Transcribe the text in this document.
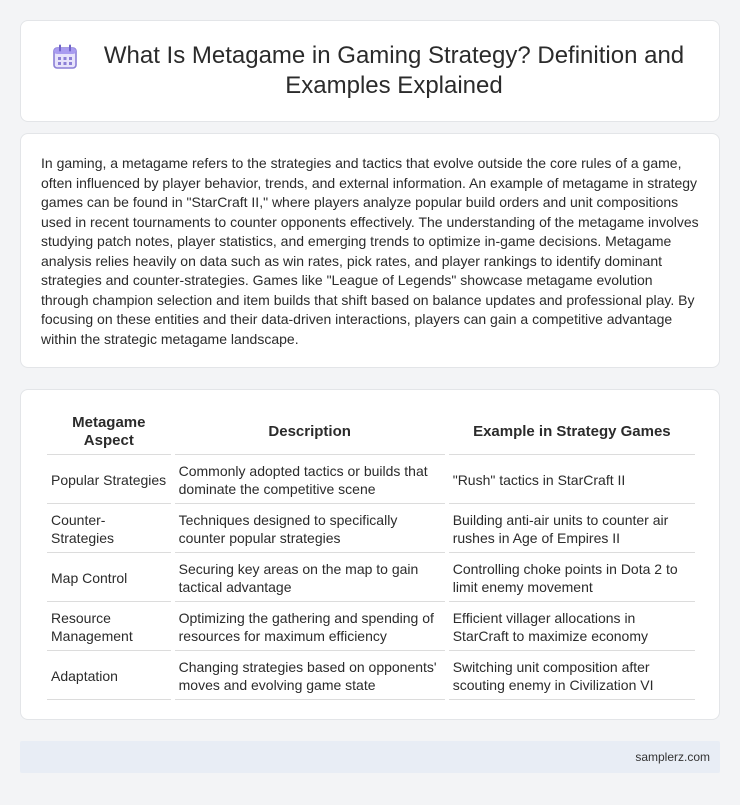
What Is Metagame in Gaming Strategy? Definition and Examples Explained

In gaming, a metagame refers to the strategies and tactics that evolve outside the core rules of a game, often influenced by player behavior, trends, and external information. An example of metagame in strategy games can be found in "StarCraft II," where players analyze popular build orders and unit compositions used in recent tournaments to counter opponents effectively. The understanding of the metagame involves studying patch notes, player statistics, and emerging trends to optimize in-game decisions. Metagame analysis relies heavily on data such as win rates, pick rates, and player rankings to identify dominant strategies and counter-strategies. Games like "League of Legends" showcase metagame evolution through champion selection and item builds that shift based on balance updates and professional play. By focusing on these entities and their data-driven interactions, players can gain a competitive advantage within the strategic metagame landscape.

Metagame Aspect	Description	Example in Strategy Games
Popular Strategies	Commonly adopted tactics or builds that dominate the competitive scene	"Rush" tactics in StarCraft II
Counter-Strategies	Techniques designed to specifically counter popular strategies	Building anti-air units to counter air rushes in Age of Empires II
Map Control	Securing key areas on the map to gain tactical advantage	Controlling choke points in Dota 2 to limit enemy movement
Resource Management	Optimizing the gathering and spending of resources for maximum efficiency	Efficient villager allocations in StarCraft to maximize economy
Adaptation	Changing strategies based on opponents' moves and evolving game state	Switching unit composition after scouting enemy in Civilization VI
samplerz.com
